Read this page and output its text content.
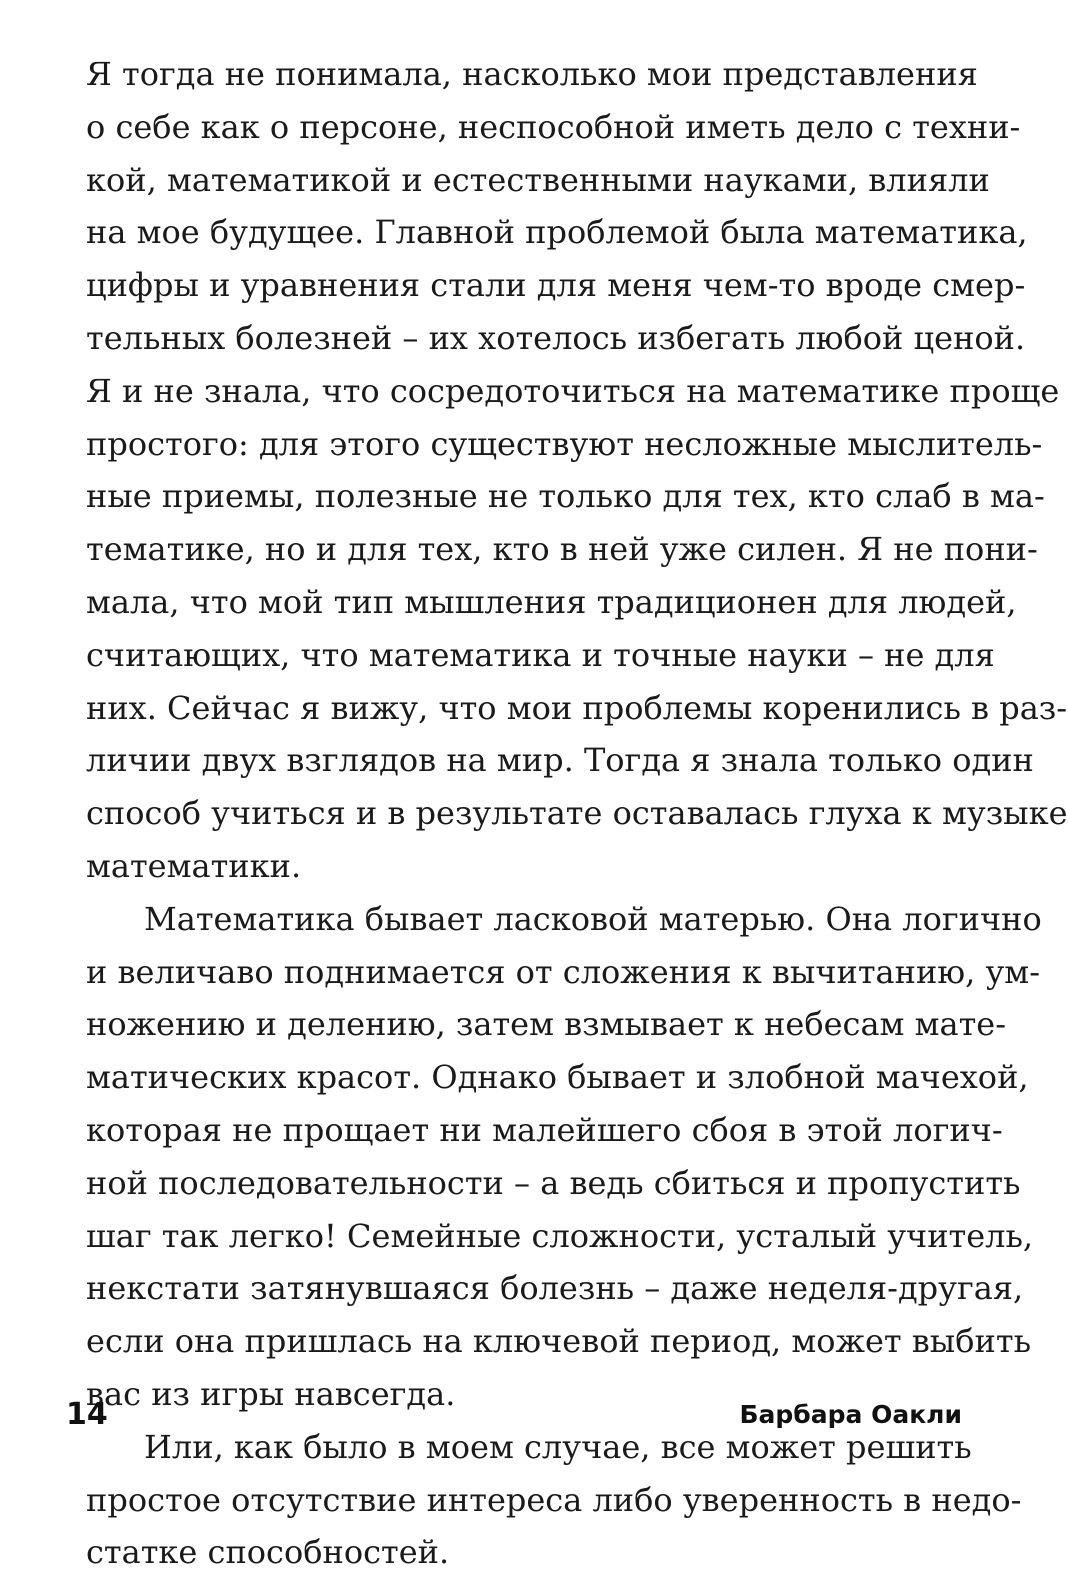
Я тогда не понимала, насколько мои представления
о себе как о персоне, неспособной иметь дело с техни-
кой, математикой и естественными науками, влияли
на мое будущее. Главной проблемой была математика,
цифры и уравнения стали для меня чем-то вроде смер-
тельных болезней – их хотелось избегать любой ценой.
Я и не знала, что сосредоточиться на математике проще
простого: для этого существуют несложные мыслитель-
ные приемы, полезные не только для тех, кто слаб в ма-
тематике, но и для тех, кто в ней уже силен. Я не пони-
мала, что мой тип мышления традиционен для людей,
считающих, что математика и точные науки – не для
них. Сейчас я вижу, что мои проблемы коренились в раз-
личии двух взглядов на мир. Тогда я знала только один
способ учиться и в результате оставалась глуха к музыке
математики.
Математика бывает ласковой матерью. Она логично
и величаво поднимается от сложения к вычитанию, ум-
ножению и делению, затем взмывает к небесам мате-
матических красот. Однако бывает и злобной мачехой,
которая не прощает ни малейшего сбоя в этой логич-
ной последовательности – а ведь сбиться и пропустить
шаг так легко! Семейные сложности, усталый учитель,
некстати затянувшаяся болезнь – даже неделя-другая,
если она пришлась на ключевой период, может выбить
вас из игры навсегда.
Или, как было в моем случае, все может решить
простое отсутствие интереса либо уверенность в недо-
статке способностей.
14	Барбара Оакли
